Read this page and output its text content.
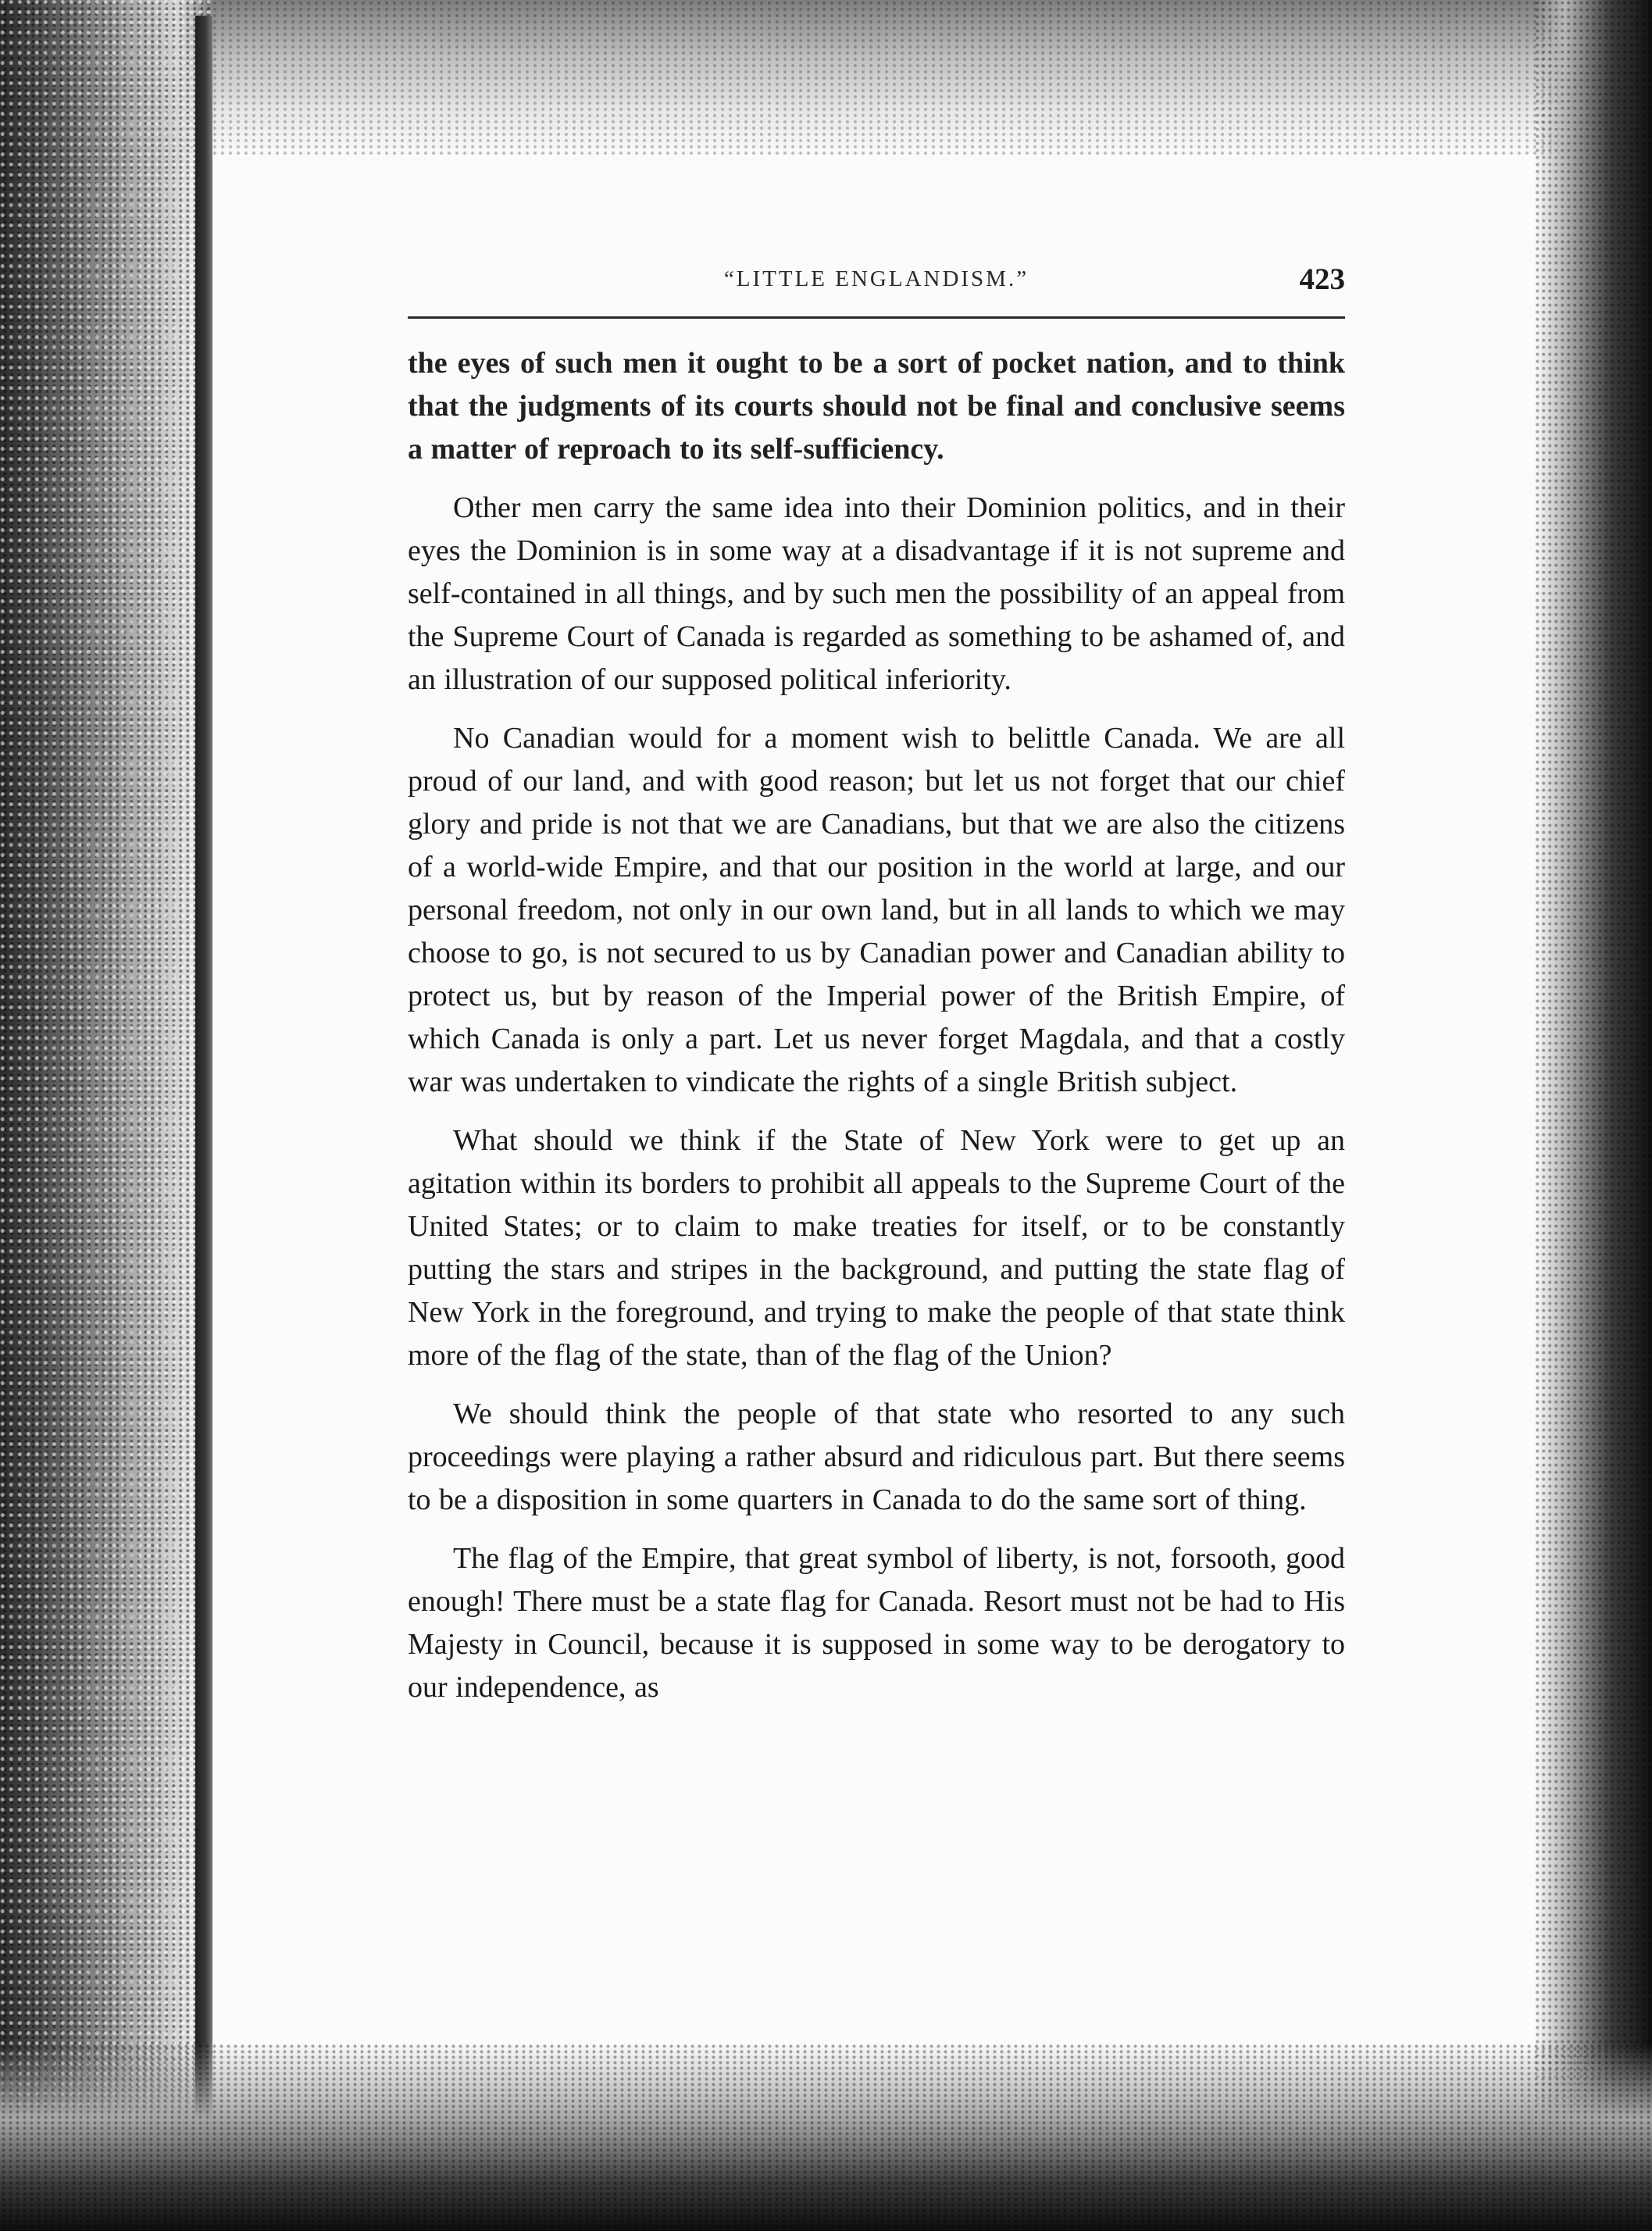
“LITTLE ENGLANDISM.”	423

the eyes of such men it ought to be a sort of pocket nation, and to think that the judgments of its courts should not be final and conclusive seems a matter of reproach to its self-sufficiency.

Other men carry the same idea into their Dominion politics, and in their eyes the Dominion is in some way at a disadvantage if it is not supreme and self-contained in all things, and by such men the possibility of an appeal from the Supreme Court of Canada is regarded as something to be ashamed of, and an illustration of our supposed political inferiority.

No Canadian would for a moment wish to belittle Canada. We are all proud of our land, and with good reason; but let us not forget that our chief glory and pride is not that we are Canadians, but that we are also the citizens of a world-wide Empire, and that our position in the world at large, and our personal freedom, not only in our own land, but in all lands to which we may choose to go, is not secured to us by Canadian power and Canadian ability to protect us, but by reason of the Imperial power of the British Empire, of which Canada is only a part. Let us never forget Magdala, and that a costly war was undertaken to vindicate the rights of a single British subject.

What should we think if the State of New York were to get up an agitation within its borders to prohibit all appeals to the Supreme Court of the United States; or to claim to make treaties for itself, or to be constantly putting the stars and stripes in the background, and putting the state flag of New York in the foreground, and trying to make the people of that state think more of the flag of the state, than of the flag of the Union?

We should think the people of that state who resorted to any such proceedings were playing a rather absurd and ridiculous part. But there seems to be a disposition in some quarters in Canada to do the same sort of thing.

The flag of the Empire, that great symbol of liberty, is not, forsooth, good enough! There must be a state flag for Canada. Resort must not be had to His Majesty in Council, because it is supposed in some way to be derogatory to our independence, as
